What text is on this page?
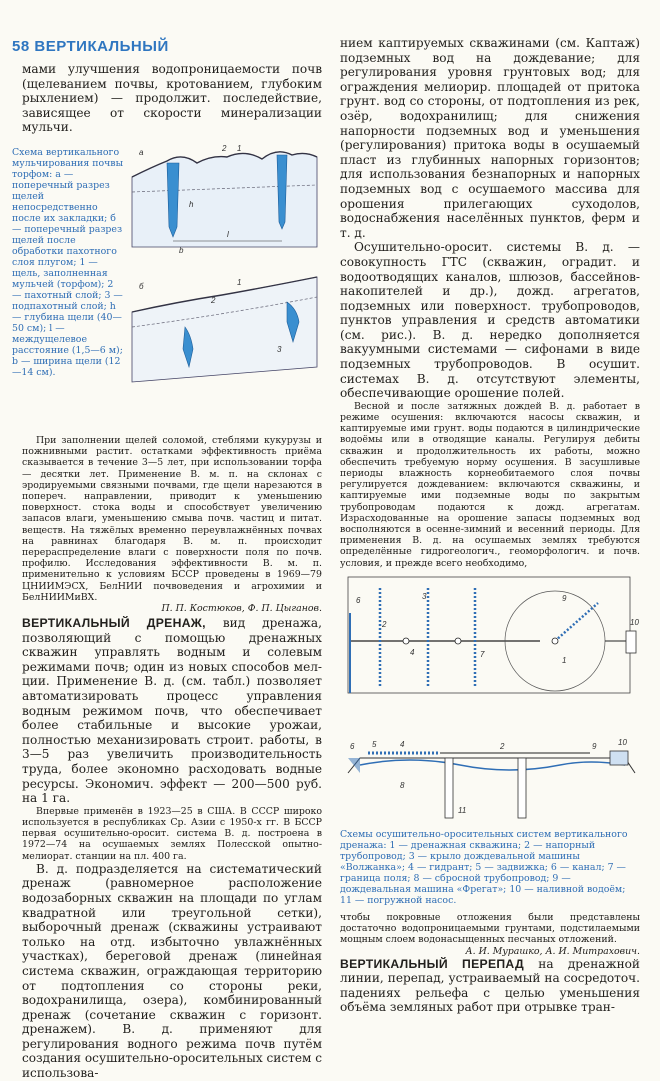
58 ВЕРТИКАЛЬНЫЙ

мами улучшения водопроницаемости почв (щелеванием почвы, кротованием, глубоким рыхлением) — продолжит. последействие, зависящее от скорости минерализации мульчи.

Схема вертикального мульчирования почвы торфом: а — поперечный разрез щелей непосредственно после их закладки; б — поперечный разрез щелей после обработки пахотного слоя плугом; 1 — щель, заполненная мульчей (торфом); 2 — пахотный слой; 3 — подпахотный слой; h — глубина щели (40—50 см); l — междущелевое расстояние (1,5—6 м); b — ширина щели (12—14 см).
а	2 1
h
l
b
б	1
2
3

При заполнении щелей соломой, стеблями кукурузы и пожнивными растит. остатками эффективность приёма сказывается в течение 3—5 лет, при использовании торфа — десятки лет. Применение В. м. п. на склонах с эродируемыми связными почвами, где щели нарезаются в попереч. направлении, приводит к уменьшению поверхност. стока воды и способствует увеличению запасов влаги, уменьшению смыва почв. частиц и питат. веществ. На тяжёлых временно переувлажнённых почвах на равнинах благодаря В. м. п. происходит перераспределение влаги с поверхности поля по почв. профилю. Исследования эффективности В. м. п. применительно к условиям БССР проведены в 1969—79 ЦНИИМЭСХ, БелНИИ почвоведения и агрохимии и БелНИИМиВХ.

П. П. Костюков, Ф. П. Цыганов.

ВЕРТИКАЛЬНЫЙ ДРЕНАЖ, вид дренажа, позволяющий с помощью дренажных скважин управлять водным и солевым режимами почв; один из новых способов мел-ции. Применение В. д. (см. табл.) позволяет автоматизировать процесс управления водным режимом почв, что обеспечивает более стабильные и высокие урожаи, полностью механизировать строит. работы, в 3—5 раз увеличить производительность труда, более экономно расходовать водные ресурсы. Экономич. эффект — 200—500 руб. на 1 га.

Впервые применён в 1923—25 в США. В СССР широко используется в республиках Ср. Азии с 1950-х гг. В БССР первая осушительно-ороcит. система В. д. построена в 1972—74 на осушаемых землях Полесской опытно-мелиорат. станции на пл. 400 га.

В. д. подразделяется на систематический дренаж (равномерное расположение водозаборных скважин на площади по углам квадратной или треугольной сетки), выборочный дренаж (скважины устраивают только на отд. избыточно увлажнённых участках), береговой дренаж (линейная система скважин, ограждающая территорию от подтопления со стороны реки, водохранилища, озера), комбинированный дренаж (сочетание скважин с горизонт. дренажем). В. д. применяют для регулирования водного режима почв путём создания осушительно-оросительных систем с использова-

нием каптируемых скважинами (см. Каптаж) подземных вод на дождевание; для регулирования уровня грунтовых вод; для ограждения мелиорир. площадей от притока грунт. вод со стороны, от подтопления из рек, озёр, водохранилищ; для снижения напорности подземных вод и уменьшения (регулирования) притока воды в осушаемый пласт из глубинных напорных горизонтов; для использования безнапорных и напорных подземных вод с осушаемого массива для орошения прилегающих суходолов, водоснабжения населённых пунктов, ферм и т. д.

Осушительно-ороcит. системы В. д. — совокупность ГТС (скважин, оградит. и водоотводящих каналов, шлюзов, бассейнов-накопителей и др.), дожд. агрегатов, подземных или поверхност. трубопроводов, пунктов управления и средств автоматики (см. рис.). В. д. нередко дополняется вакуумными системами — сифонами в виде подземных трубопроводов. В осушит. системах В. д. отсутствуют элементы, обеспечивающие орошение полей.

Весной и после затяжных дождей В. д. работает в режиме осушения: включаются насосы скважин, и каптируемые ими грунт. воды подаются в цилиндрические водоёмы или в отводящие каналы. Регулируя дебиты скважин и продолжительность их работы, можно обеспечить требуемую норму осушения. В засушливые периоды влажность корнеобитаемого слоя почвы регулируется дождеванием: включаются скважины, и каптируемые ими подземные воды по закрытым трубопроводам подаются к дожд. агрегатам. Израсходованные на орошение запасы подземных вод восполняются в осенне-зимний и весенний периоды. Для применения В. д. на осушаемых землях требуются определённые гидрогеологич., геоморфологич. и почв. условия, и прежде всего необходимо,

6
2
3
4	7
1
9
10
6 5	4	2	9
8
11
10

Схемы осушительно-оросительных систем вертикального дренажа: 1 — дренажная скважина; 2 — напорный трубопровод; 3 — крыло дождевальной машины «Волжанка»; 4 — гидрант; 5 — задвижка; 6 — канал; 7 — граница поля; 8 — сбросной трубопровод; 9 — дождевальная машина «Фрегат»; 10 — наливной водоём; 11 — погружной насос.

чтобы покровные отложения были представлены достаточно водопроницаемыми грунтами, подстилаемыми мощным слоем водонасыщенных песчаных отложений.

А. И. Мурашко, А. И. Митрахович.

ВЕРТИКАЛЬНЫЙ ПЕРЕПАД на дренажной линии, перепад, устраиваемый на сосредоточ. падениях рельефа с целью уменьшения объёма земляных работ при отрывке тран-
